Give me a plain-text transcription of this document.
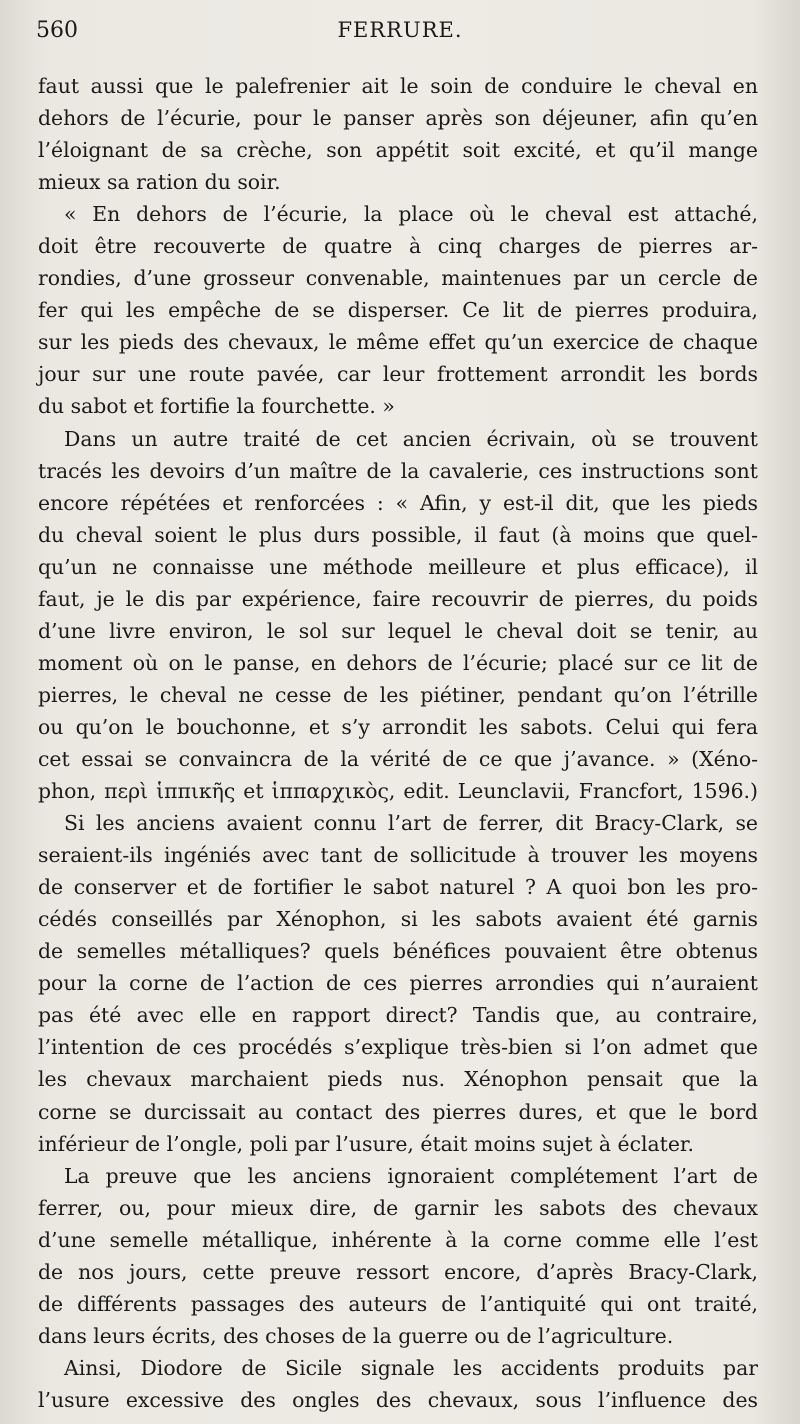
560	FERRURE.
faut aussi que le palefrenier ait le soin de conduire le cheval en
dehors de l’écurie, pour le panser après son déjeuner, afin qu’en
l’éloignant de sa crèche, son appétit soit excité, et qu’il mange
mieux sa ration du soir.
« En dehors de l’écurie, la place où le cheval est attaché,
doit être recouverte de quatre à cinq charges de pierres ar-
rondies, d’une grosseur convenable, maintenues par un cercle de
fer qui les empêche de se disperser. Ce lit de pierres produira,
sur les pieds des chevaux, le même effet qu’un exercice de chaque
jour sur une route pavée, car leur frottement arrondit les bords
du sabot et fortifie la fourchette. »
Dans un autre traité de cet ancien écrivain, où se trouvent
tracés les devoirs d’un maître de la cavalerie, ces instructions sont
encore répétées et renforcées : « Afin, y est-il dit, que les pieds
du cheval soient le plus durs possible, il faut (à moins que quel-
qu’un ne connaisse une méthode meilleure et plus efficace), il
faut, je le dis par expérience, faire recouvrir de pierres, du poids
d’une livre environ, le sol sur lequel le cheval doit se tenir, au
moment où on le panse, en dehors de l’écurie; placé sur ce lit de
pierres, le cheval ne cesse de les piétiner, pendant qu’on l’étrille
ou qu’on le bouchonne, et s’y arrondit les sabots. Celui qui fera
cet essai se convaincra de la vérité de ce que j’avance. » (Xéno-
phon, περὶ ἱππικῆς et ἱππαρχικὸς, edit. Leunclavii, Francfort, 1596.)
Si les anciens avaient connu l’art de ferrer, dit Bracy-Clark, se
seraient-ils ingéniés avec tant de sollicitude à trouver les moyens
de conserver et de fortifier le sabot naturel ? A quoi bon les pro-
cédés conseillés par Xénophon, si les sabots avaient été garnis
de semelles métalliques? quels bénéfices pouvaient être obtenus
pour la corne de l’action de ces pierres arrondies qui n’auraient
pas été avec elle en rapport direct? Tandis que, au contraire,
l’intention de ces procédés s’explique très-bien si l’on admet que
les chevaux marchaient pieds nus. Xénophon pensait que la
corne se durcissait au contact des pierres dures, et que le bord
inférieur de l’ongle, poli par l’usure, était moins sujet à éclater.
La preuve que les anciens ignoraient complétement l’art de
ferrer, ou, pour mieux dire, de garnir les sabots des chevaux
d’une semelle métallique, inhérente à la corne comme elle l’est
de nos jours, cette preuve ressort encore, d’après Bracy-Clark,
de différents passages des auteurs de l’antiquité qui ont traité,
dans leurs écrits, des choses de la guerre ou de l’agriculture.
Ainsi, Diodore de Sicile signale les accidents produits par
l’usure excessive des ongles des chevaux, sous l’influence des
